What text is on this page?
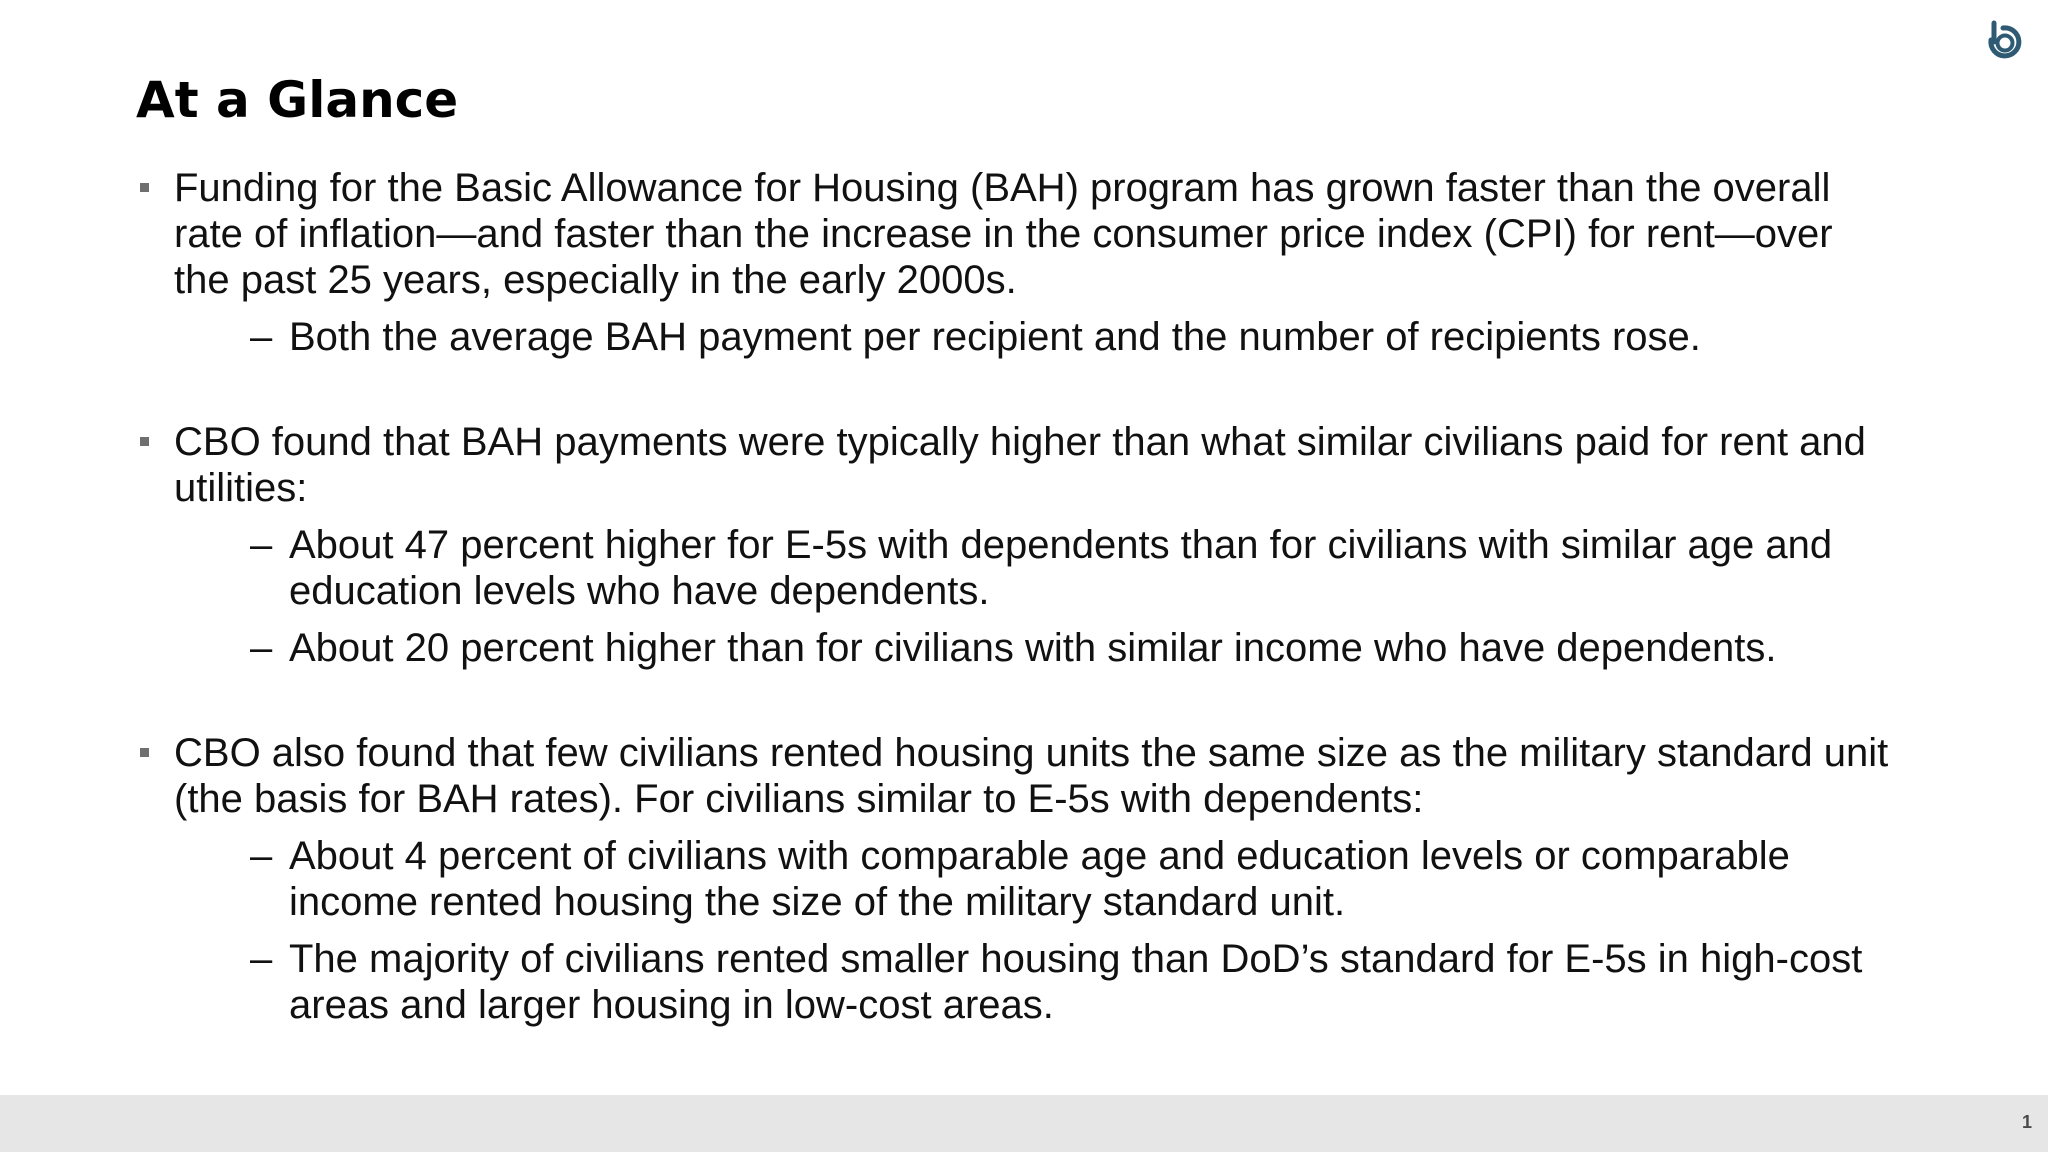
At a Glance
Funding for the Basic Allowance for Housing (BAH) program has grown faster than the overall rate of inflation—and faster than the increase in the consumer price index (CPI) for rent—over the past 25 years, especially in the early 2000s.
– Both the average BAH payment per recipient and the number of recipients rose.
CBO found that BAH payments were typically higher than what similar civilians paid for rent and utilities:
– About 47 percent higher for E-5s with dependents than for civilians with similar age and education levels who have dependents.
– About 20 percent higher than for civilians with similar income who have dependents.
CBO also found that few civilians rented housing units the same size as the military standard unit (the basis for BAH rates). For civilians similar to E-5s with dependents:
– About 4 percent of civilians with comparable age and education levels or comparable income rented housing the size of the military standard unit.
– The majority of civilians rented smaller housing than DoD’s standard for E-5s in high-cost areas and larger housing in low-cost areas.
1
